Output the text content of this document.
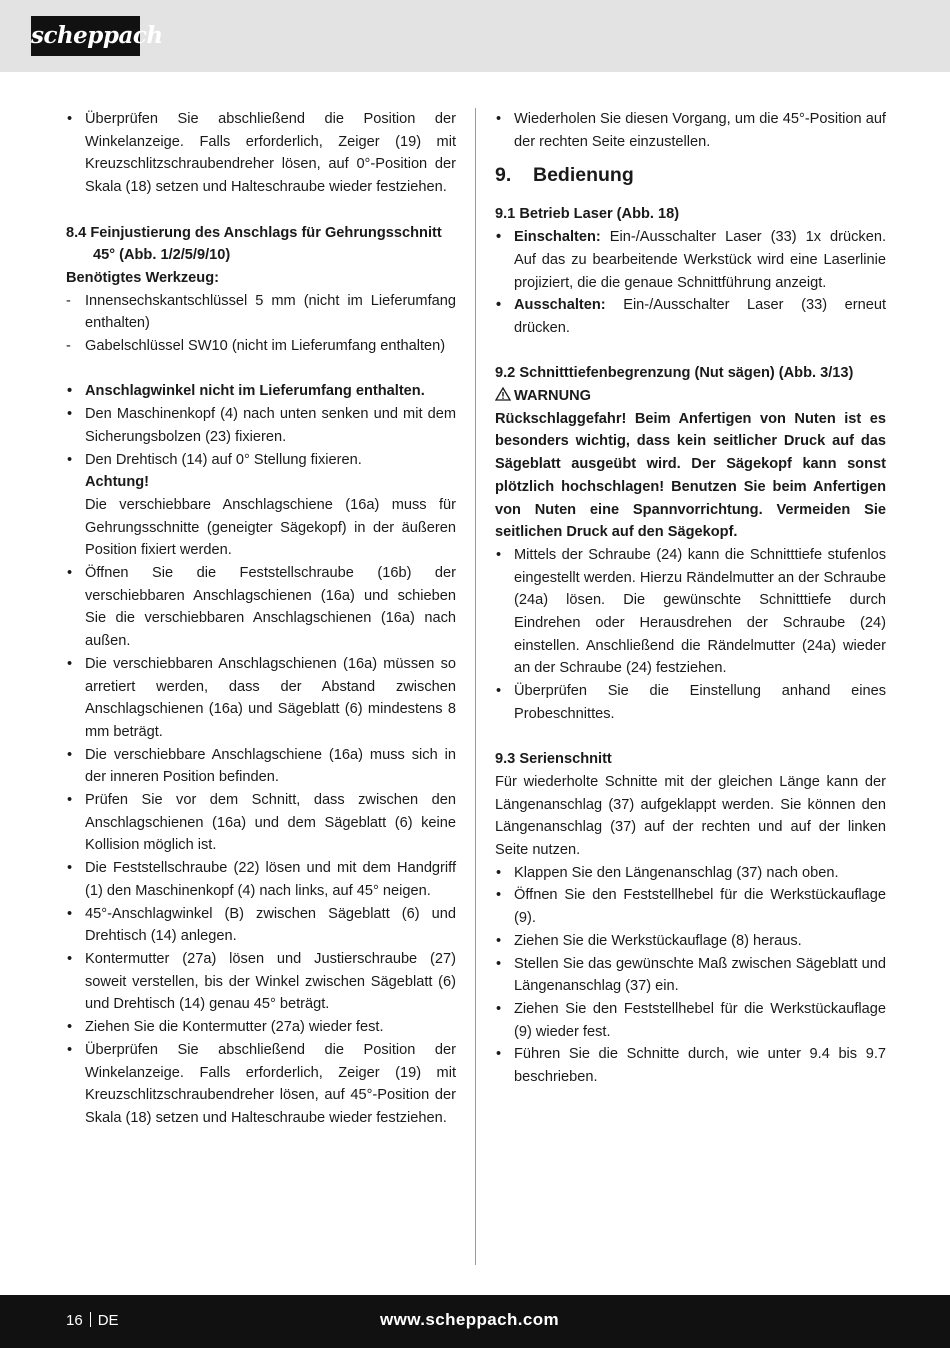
scheppach
• Überprüfen Sie abschließend die Position der Winkelanzeige. Falls erforderlich, Zeiger (19) mit Kreuzschlitzschraubendreher lösen, auf 0°-Position der Skala (18) setzen und Halteschraube wieder festziehen.
8.4 Feinjustierung des Anschlags für Gehrungsschnitt 45° (Abb. 1/2/5/9/10)
Benötigtes Werkzeug:
- Innensechskantschlüssel 5 mm (nicht im Lieferumfang enthalten)
- Gabelschlüssel SW10 (nicht im Lieferumfang enthalten)
• Anschlagwinkel nicht im Lieferumfang enthalten.
• Den Maschinenkopf (4) nach unten senken und mit dem Sicherungsbolzen (23) fixieren.
• Den Drehtisch (14) auf 0° Stellung fixieren.
Achtung!
Die verschiebbare Anschlagschiene (16a) muss für Gehrungsschnitte (geneigter Sägekopf) in der äußeren Position fixiert werden.
• Öffnen Sie die Feststellschraube (16b) der verschiebbaren Anschlagschienen (16a) und schieben Sie die verschiebbaren Anschlagschienen (16a) nach außen.
• Die verschiebbaren Anschlagschienen (16a) müssen so arretiert werden, dass der Abstand zwischen Anschlagschienen (16a) und Sägeblatt (6) mindestens 8 mm beträgt.
• Die verschiebbare Anschlagschiene (16a) muss sich in der inneren Position befinden.
• Prüfen Sie vor dem Schnitt, dass zwischen den Anschlagschienen (16a) und dem Sägeblatt (6) keine Kollision möglich ist.
• Die Feststellschraube (22) lösen und mit dem Handgriff (1) den Maschinenkopf (4) nach links, auf 45° neigen.
• 45°-Anschlagwinkel (B) zwischen Sägeblatt (6) und Drehtisch (14) anlegen.
• Kontermutter (27a) lösen und Justierschraube (27) soweit verstellen, bis der Winkel zwischen Sägeblatt (6) und Drehtisch (14) genau 45° beträgt.
• Ziehen Sie die Kontermutter (27a) wieder fest.
• Überprüfen Sie abschließend die Position der Winkelanzeige. Falls erforderlich, Zeiger (19) mit Kreuzschlitzschraubendreher lösen, auf 45°-Position der Skala (18) setzen und Halteschraube wieder festziehen.
• Wiederholen Sie diesen Vorgang, um die 45°-Position auf der rechten Seite einzustellen.
9. Bedienung
9.1 Betrieb Laser (Abb. 18)
• Einschalten: Ein-/Ausschalter Laser (33) 1x drücken. Auf das zu bearbeitende Werkstück wird eine Laserlinie projiziert, die die genaue Schnittführung anzeigt.
• Ausschalten: Ein-/Ausschalter Laser (33) erneut drücken.
9.2 Schnitttiefenbegrenzung (Nut sägen) (Abb. 3/13)
WARNUNG
Rückschlaggefahr! Beim Anfertigen von Nuten ist es besonders wichtig, dass kein seitlicher Druck auf das Sägeblatt ausgeübt wird. Der Sägekopf kann sonst plötzlich hochschlagen! Benutzen Sie beim Anfertigen von Nuten eine Spannvorrichtung. Vermeiden Sie seitlichen Druck auf den Sägekopf.
• Mittels der Schraube (24) kann die Schnitttiefe stufenlos eingestellt werden. Hierzu Rändelmutter an der Schraube (24a) lösen. Die gewünschte Schnitttiefe durch Eindrehen oder Herausdrehen der Schraube (24) einstellen. Anschließend die Rändelmutter (24a) wieder an der Schraube (24) festziehen.
• Überprüfen Sie die Einstellung anhand eines Probeschnittes.
9.3 Serienschnitt
Für wiederholte Schnitte mit der gleichen Länge kann der Längenanschlag (37) aufgeklappt werden. Sie können den Längenanschlag (37) auf der rechten und auf der linken Seite nutzen.
• Klappen Sie den Längenanschlag (37) nach oben.
• Öffnen Sie den Feststellhebel für die Werkstückauflage (9).
• Ziehen Sie die Werkstückauflage (8) heraus.
• Stellen Sie das gewünschte Maß zwischen Sägeblatt und Längenanschlag (37) ein.
• Ziehen Sie den Feststellhebel für die Werkstückauflage (9) wieder fest.
• Führen Sie die Schnitte durch, wie unter 9.4 bis 9.7 beschrieben.
16 DE	www.scheppach.com
